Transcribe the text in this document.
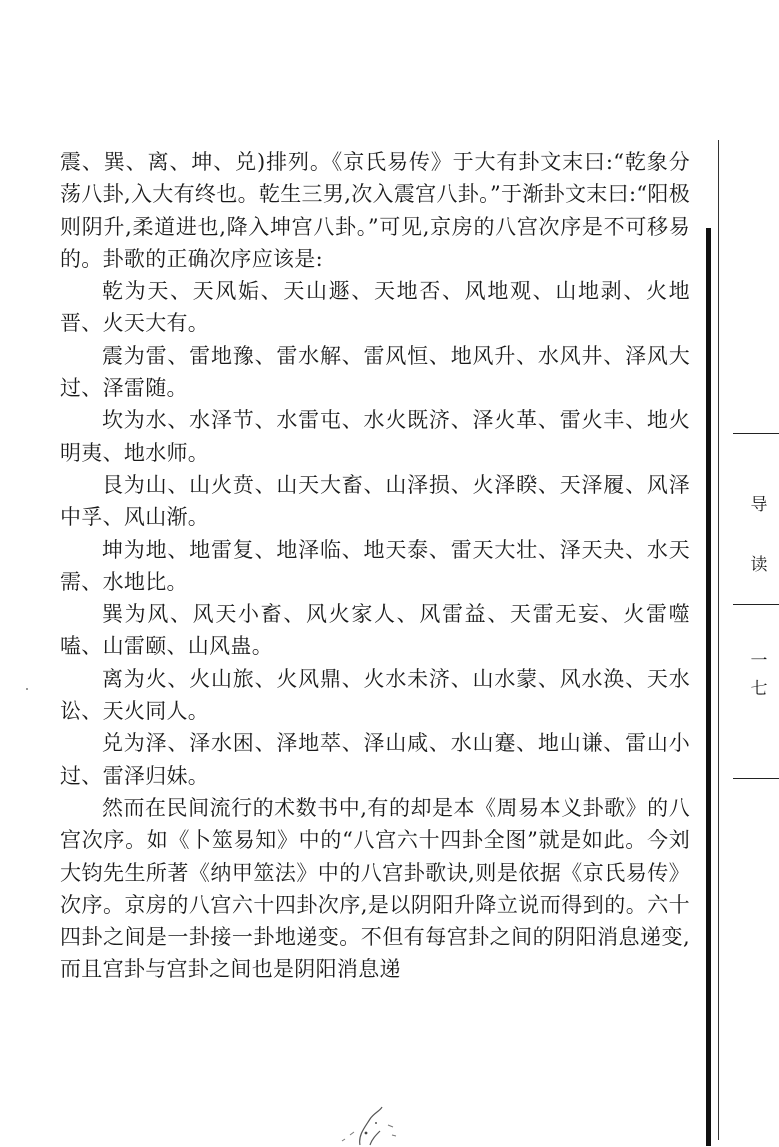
震、巽、离、坤、兑)排列。《京氏易传》于大有卦文末曰:“乾象分荡八卦,入大有终也。乾生三男,次入震宫八卦。”于渐卦文末曰:“阳极则阴升,柔道进也,降入坤宫八卦。”可见,京房的八宫次序是不可移易的。卦歌的正确次序应该是:

乾为天、天风姤、天山遯、天地否、风地观、山地剥、火地晋、火天大有。

震为雷、雷地豫、雷水解、雷风恒、地风升、水风井、泽风大过、泽雷随。

坎为水、水泽节、水雷屯、水火既济、泽火革、雷火丰、地火明夷、地水师。

艮为山、山火贲、山天大畜、山泽损、火泽睽、天泽履、风泽中孚、风山渐。

坤为地、地雷复、地泽临、地天泰、雷天大壮、泽天夬、水天需、水地比。

巽为风、风天小畜、风火家人、风雷益、天雷无妄、火雷噬嗑、山雷颐、山风蛊。

离为火、火山旅、火风鼎、火水未济、山水蒙、风水涣、天水讼、天火同人。

兑为泽、泽水困、泽地萃、泽山咸、水山蹇、地山谦、雷山小过、雷泽归妹。

然而在民间流行的术数书中,有的却是本《周易本义卦歌》的八宫次序。如《卜筮易知》中的“八宫六十四卦全图”就是如此。今刘大钧先生所著《纳甲筮法》中的八宫卦歌诀,则是依据《京氏易传》次序。京房的八宫六十四卦次序,是以阴阳升降立说而得到的。六十四卦之间是一卦接一卦地递变。不但有每宫卦之间的阴阳消息递变,而且宫卦与宫卦之间也是阴阳消息递

导
读
一
七
